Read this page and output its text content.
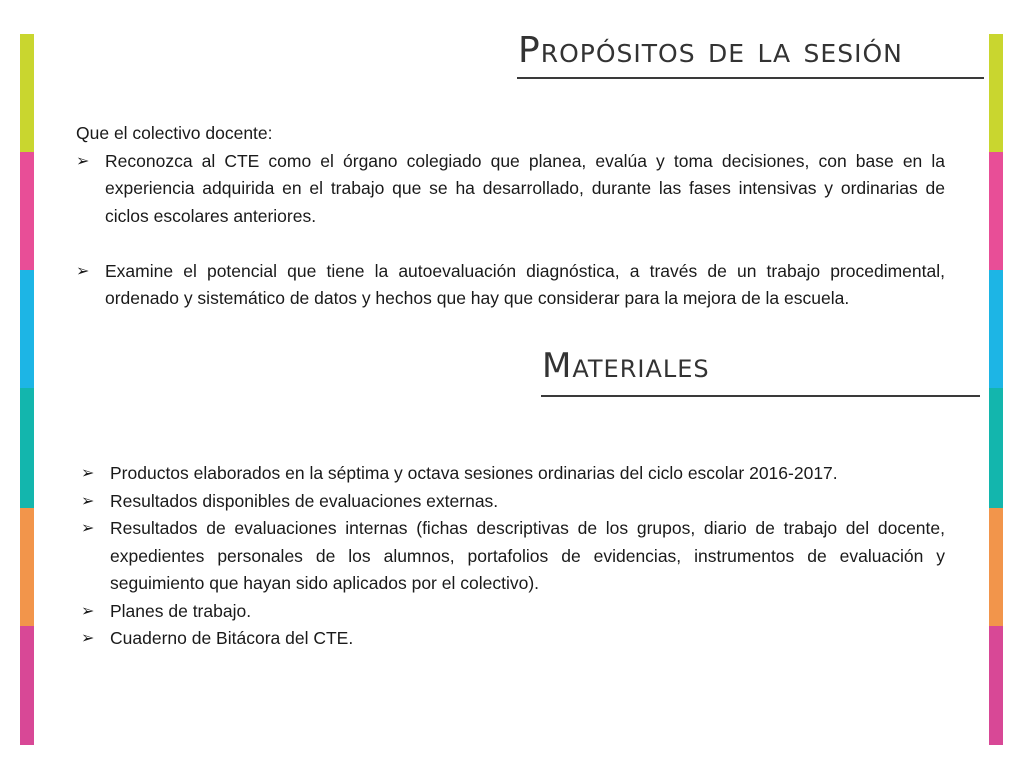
Propósitos de la sesión

Que el colectivo docente:

➢ Reconozca al CTE como el órgano colegiado que planea, evalúa y toma decisiones, con base en la experiencia adquirida en el trabajo que se ha desarrollado, durante las fases intensivas y ordinarias de ciclos escolares anteriores.
➢ Examine el potencial que tiene la autoevaluación diagnóstica, a través de un trabajo procedimental, ordenado y sistemático de datos y hechos que hay que considerar para la mejora de la escuela.
Materiales
➢ Productos elaborados en la séptima y octava sesiones ordinarias del ciclo escolar 2016-2017.
➢ Resultados disponibles de evaluaciones externas.
➢ Resultados de evaluaciones internas (fichas descriptivas de los grupos, diario de trabajo del docente, expedientes personales de los alumnos, portafolios de evidencias, instrumentos de evaluación y seguimiento que hayan sido aplicados por el colectivo).
➢ Planes de trabajo.
➢ Cuaderno de Bitácora del CTE.
